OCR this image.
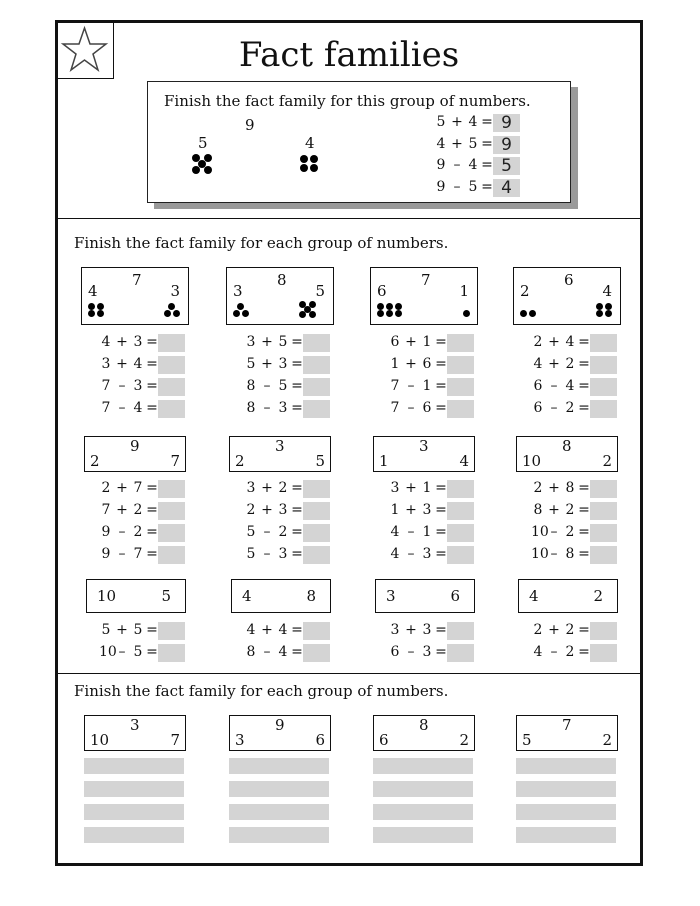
Fact families
Finish the fact family for this group of numbers.
9
5	4
5 + 4 = 9
4 + 5 = 9
9 – 4 = 5
9 – 5 = 4
Finish the fact family for each group of numbers.
7
4	3
4 + 3 =
3 + 4 =
7 – 3 =
7 – 4 =
8
3	5
3 + 5 =
5 + 3 =
8 – 5 =
8 – 3 =
7
6	1
6 + 1 =
1 + 6 =
7 – 1 =
7 – 6 =
6
2	4
2 + 4 =
4 + 2 =
6 – 4 =
6 – 2 =
9
2	7
2 + 7 =
7 + 2 =
9 – 2 =
9 – 7 =
3
2	5
3 + 2 =
2 + 3 =
5 – 2 =
5 – 3 =
3
1	4
3 + 1 =
1 + 3 =
4 – 1 =
4 – 3 =
8
10	2
2 + 8 =
8 + 2 =
10 – 2 =
10 – 8 =
10	5
5 + 5 =
10 – 5 =
4	8
4 + 4 =
8 – 4 =
3	6
3 + 3 =
6 – 3 =
4	2
2 + 2 =
4 – 2 =
Finish the fact family for each group of numbers.
3
10	7
9
3	6
8
6	2
7
5	2
